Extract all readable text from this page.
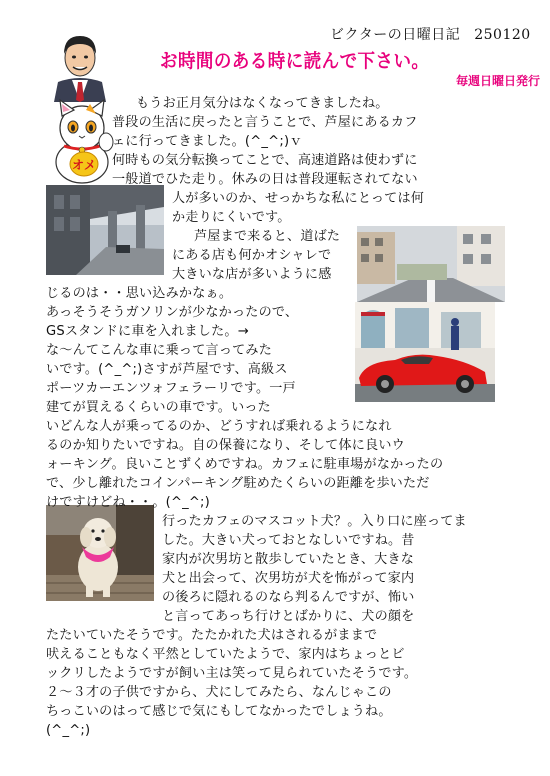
ビクターの日曜日記 250120
お時間のある時に読んで下さい。
毎週日曜日発行
オメ
もうお正月気分はなくなってきましたね。
普段の生活に戻ったと言うことで、芦屋にあるカフ
ェに行ってきました。(^_^;)ｖ
何時もの気分転換ってことで、高速道路は使わずに
一般道でひた走り。休みの日は普段運転されてない
人が多いのか、せっかちな私にとっては何
か走りにくいです。
芦屋まで来ると、道ばた
にある店も何かオシャレで
大きいな店が多いように感
じるのは・・思い込みかなぁ。
あっそうそうガソリンが少なかったので、
GSスタンドに車を入れました。→
な～んてこんな車に乗って言ってみた
いです。(^_^;)さすが芦屋です、高級ス
ポーツカーエンツォフェラーリです。一戸
建てが買えるくらいの車です。いった
いどんな人が乗ってるのか、どうすれば乗れるようになれ
るのか知りたいですね。自の保養になり、そして体に良いウ
ォーキング。良いことずくめですね。カフェに駐車場がなかったの
で、少し離れたコインパーキング駐めたくらいの距離を歩いただ
けですけどね・・。(^_^;)
行ったカフェのマスコット犬？。入り口に座ってま
した。大きい犬っておとなしいですね。昔
家内が次男坊と散歩していたとき、大きな
犬と出会って、次男坊が犬を怖がって家内
の後ろに隠れるのなら判るんですが、怖い
と言ってあっち行けとばかりに、犬の顔を
たたいていたそうです。たたかれた犬はされるがままで
吠えることもなく平然としていたようで、家内はちょっとビ
ックリしたようですが飼い主は笑って見られていたそうです。
２～３才の子供ですから、犬にしてみたら、なんじゃこの
ちっこいのはって感じで気にもしてなかったでしょうね。
(^_^;)
